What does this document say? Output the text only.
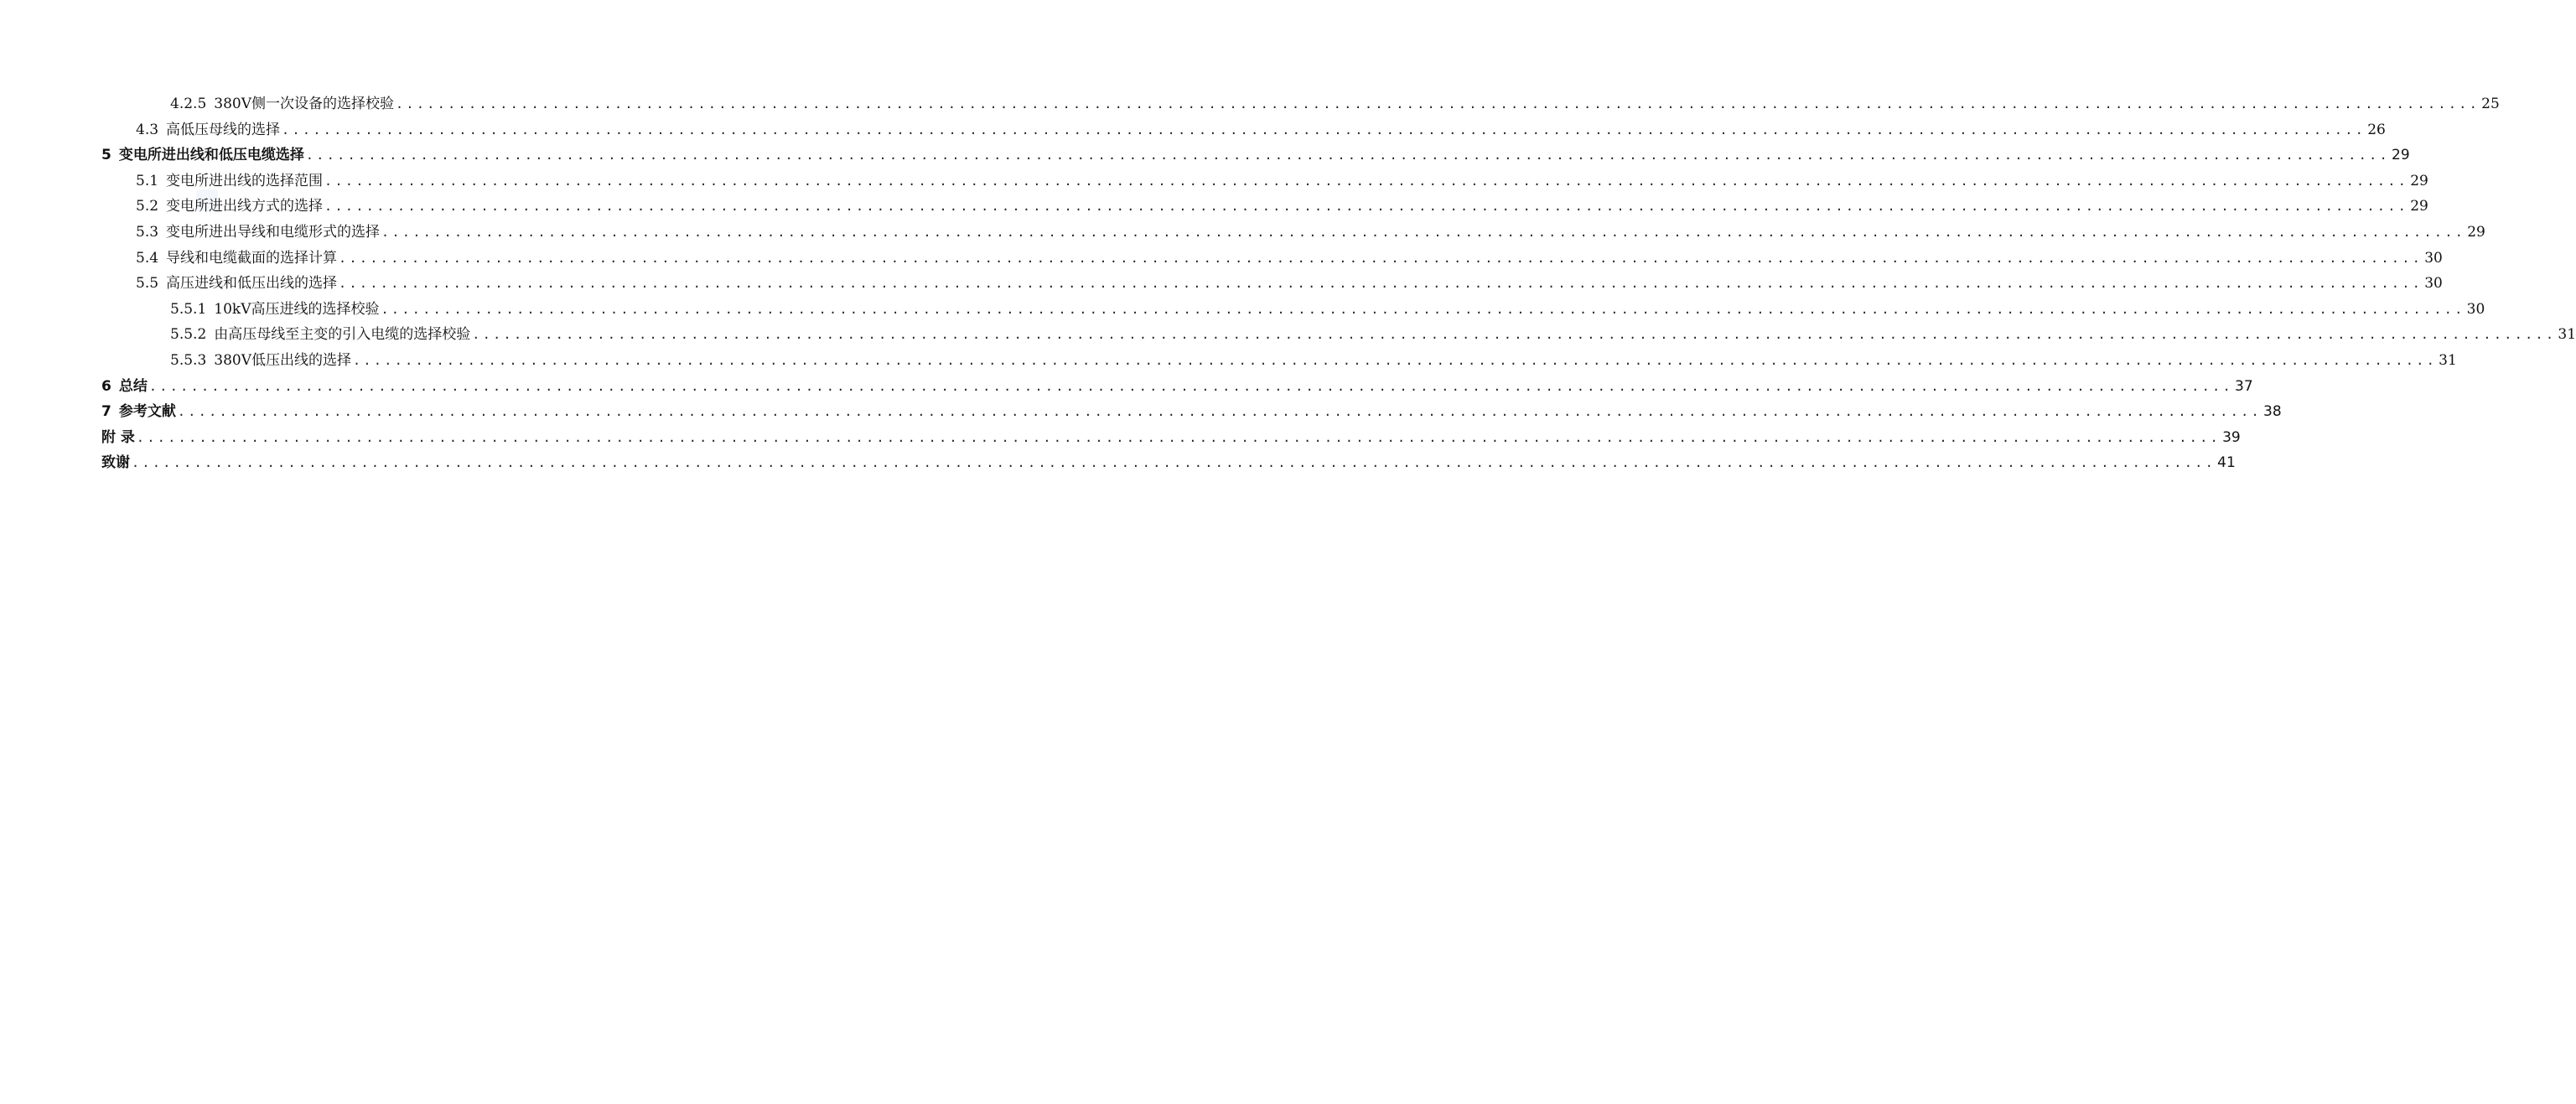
4.2.5 380V侧一次设备的选择校验 ........................................................................................................................................................................................................ 25
4.3 高低压母线的选择 ........................................................................................................................................................................................................ 26
5 变电所进出线和低压电缆选择 ........................................................................................................................................................................................................ 29
5.1 变电所进出线的选择范围 ........................................................................................................................................................................................................ 29
5.2 变电所进出线方式的选择 ........................................................................................................................................................................................................ 29
5.3 变电所进出导线和电缆形式的选择 ........................................................................................................................................................................................................ 29
5.4 导线和电缆截面的选择计算 ........................................................................................................................................................................................................ 30
5.5 高压进线和低压出线的选择 ........................................................................................................................................................................................................ 30
5.5.1 10kV高压进线的选择校验 ........................................................................................................................................................................................................ 30
5.5.2 由高压母线至主变的引入电缆的选择校验 ........................................................................................................................................................................................................ 31
5.5.3 380V低压出线的选择 ........................................................................................................................................................................................................ 31
6 总结 ........................................................................................................................................................................................................ 37
7 参考文献 ........................................................................................................................................................................................................ 38
附 录 ........................................................................................................................................................................................................ 39
致谢 ........................................................................................................................................................................................................ 41
